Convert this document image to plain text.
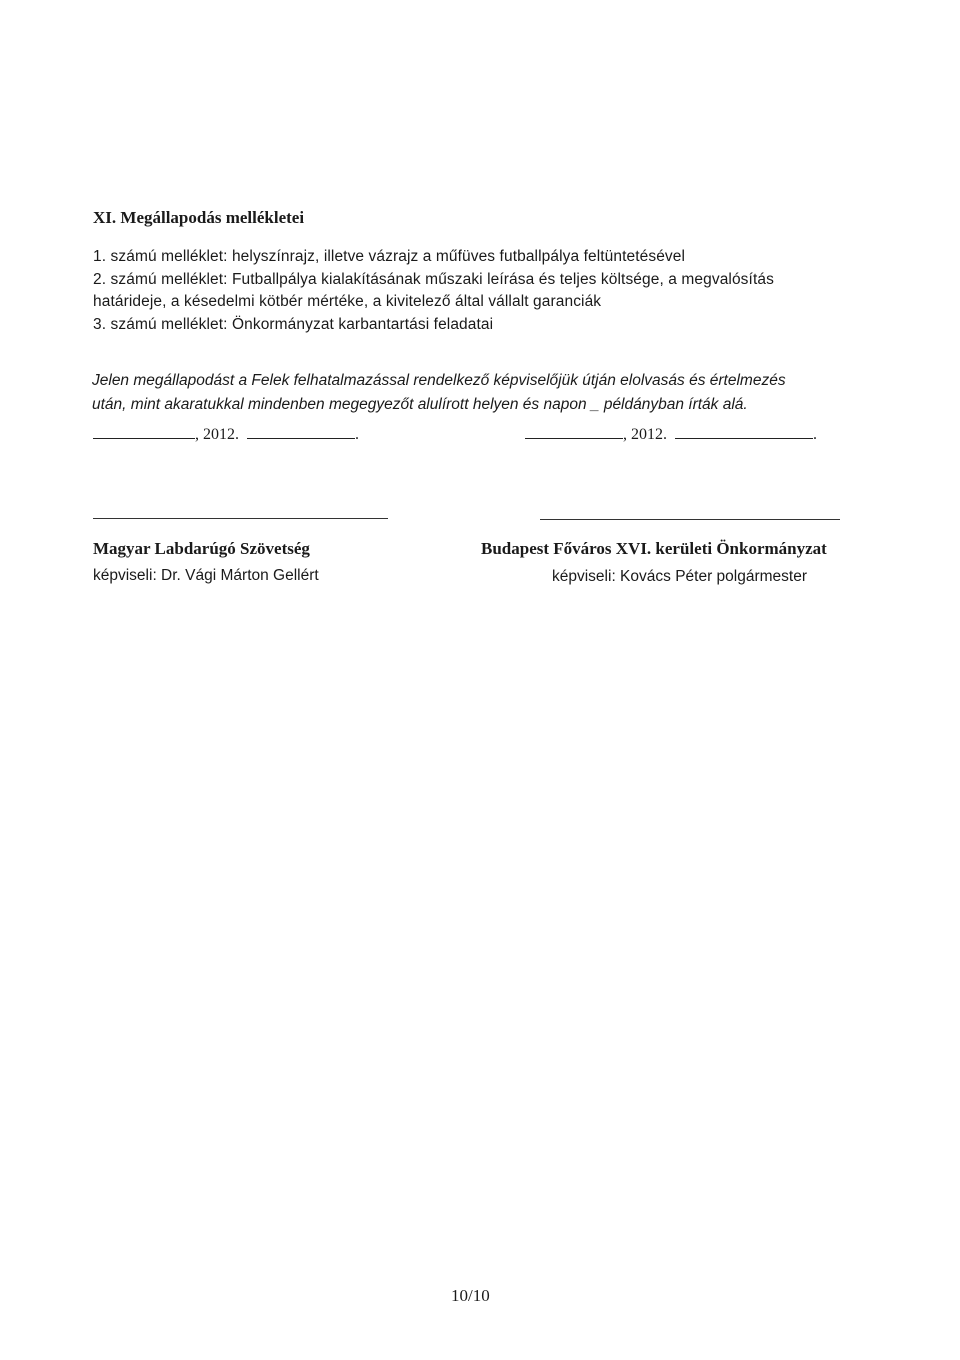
XI. Megállapodás mellékletei
1. számú melléklet: helyszínrajz, illetve vázrajz a műfüves futballpálya feltüntetésével
2. számú melléklet: Futballpálya kialakításának műszaki leírása és teljes költsége, a megvalósítás
határideje, a késedelmi kötbér mértéke, a kivitelező által vállalt garanciák
3. számú melléklet: Önkormányzat karbantartási feladatai
Jelen megállapodást a Felek felhatalmazással rendelkező képviselőjük útján elolvasás és értelmezés
után, mint akaratukkal mindenben megegyezőt alulírott helyen és napon _ példányban írták alá.
, 2012.	.	, 2012.	.
Magyar Labdarúgó Szövetség
képviseli: Dr. Vági Márton Gellért
Budapest Főváros XVI. kerületi Önkormányzat
képviseli: Kovács Péter polgármester
10/10
